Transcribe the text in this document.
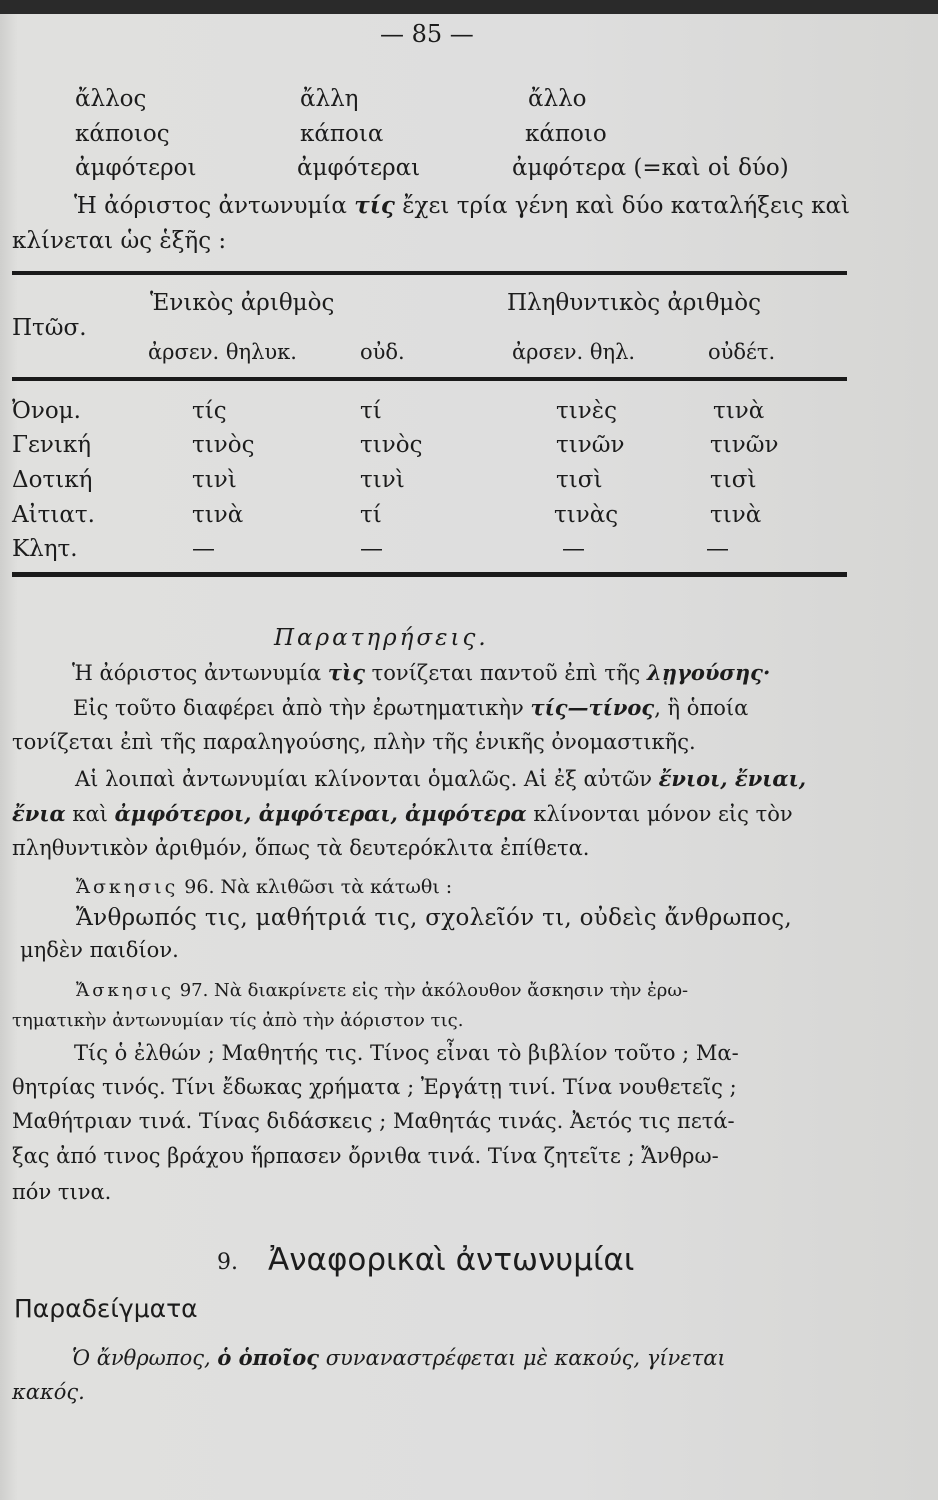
— 85 —
ἄλλος	ἄλλη	ἄλλο
κάποιος	κάποια	κάποιο
ἀμφότεροι	ἀμφότεραι	ἀμφότερα (=καὶ οἱ δύο)
Ἡ ἀόριστος ἀντωνυμία τίς ἔχει τρία γένη καὶ δύο καταλήξεις καὶ
κλίνεται ὡς ἑξῆς :
Πτῶσ.
Ἑνικὸς ἀριθμὸς	Πληθυντικὸς ἀριθμὸς
ἀρσεν. θηλυκ.	οὐδ.	ἀρσεν. θηλ.	οὐδέτ.
Ὀνομ.	τίς	τί	τινὲς	τινὰ
Γενική	τινὸς	τινὸς	τινῶν	τινῶν
Δοτική	τινὶ	τινὶ	τισὶ	τισὶ
Αἰτιατ.	τινὰ	τί	τινὰς	τινὰ
Κλητ.	—	—	—	—
Παρατηρήσεις.
Ἡ ἀόριστος ἀντωνυμία τὶς τονίζεται παντοῦ ἐπὶ τῆς λῃγούσης·
Εἰς τοῦτο διαφέρει ἀπὸ τὴν ἐρωτηματικὴν τίς—τίνος, ἣ ὁποία
τονίζεται ἐπὶ τῆς παραληγούσης, πλὴν τῆς ἑνικῆς ὀνομαστικῆς.
Αἱ λοιπαὶ ἀντωνυμίαι κλίνονται ὁμαλῶς. Αἱ ἐξ αὐτῶν ἔνιοι, ἔνιαι,
ἔνια καὶ ἀμφότεροι, ἀμφότεραι, ἀμφότερα κλίνονται μόνον εἰς τὸν
πληθυντικὸν ἀριθμόν, ὅπως τὰ δευτερόκλιτα ἐπίθετα.
Ἄσκησις 96. Νὰ κλιθῶσι τὰ κάτωθι :
Ἄνθρωπός τις, μαθήτριά τις, σχολεῖόν τι, οὐδεὶς ἄνθρωπος,
μηδὲν παιδίον.
Ἄσκησις 97. Νὰ διακρίνετε εἰς τὴν ἀκόλουθον ἄσκησιν τὴν ἐρω-
τηματικὴν ἀντωνυμίαν τίς ἀπὸ τὴν ἀόριστον τις.
Τίς ὁ ἐλθών ; Μαθητής τις. Τίνος εἶναι τὸ βιβλίον τοῦτο ; Μα-
θητρίας τινός. Τίνι ἔδωκας χρήματα ; Ἐργάτῃ τινί. Τίνα νουθετεῖς ;
Μαθήτριαν τινά. Τίνας διδάσκεις ; Μαθητάς τινάς. Ἀετός τις πετά-
ξας ἀπό τινος βράχου ἥρπασεν ὄρνιθα τινά. Τίνα ζητεῖτε ; Ἄνθρω-
πόν τινα.
9. Ἀναφορικαὶ ἀντωνυμίαι
Παραδείγματα
Ὁ ἄνθρωπος, ὁ ὁποῖος συναναστρέφεται μὲ κακούς, γίνεται
κακός.
